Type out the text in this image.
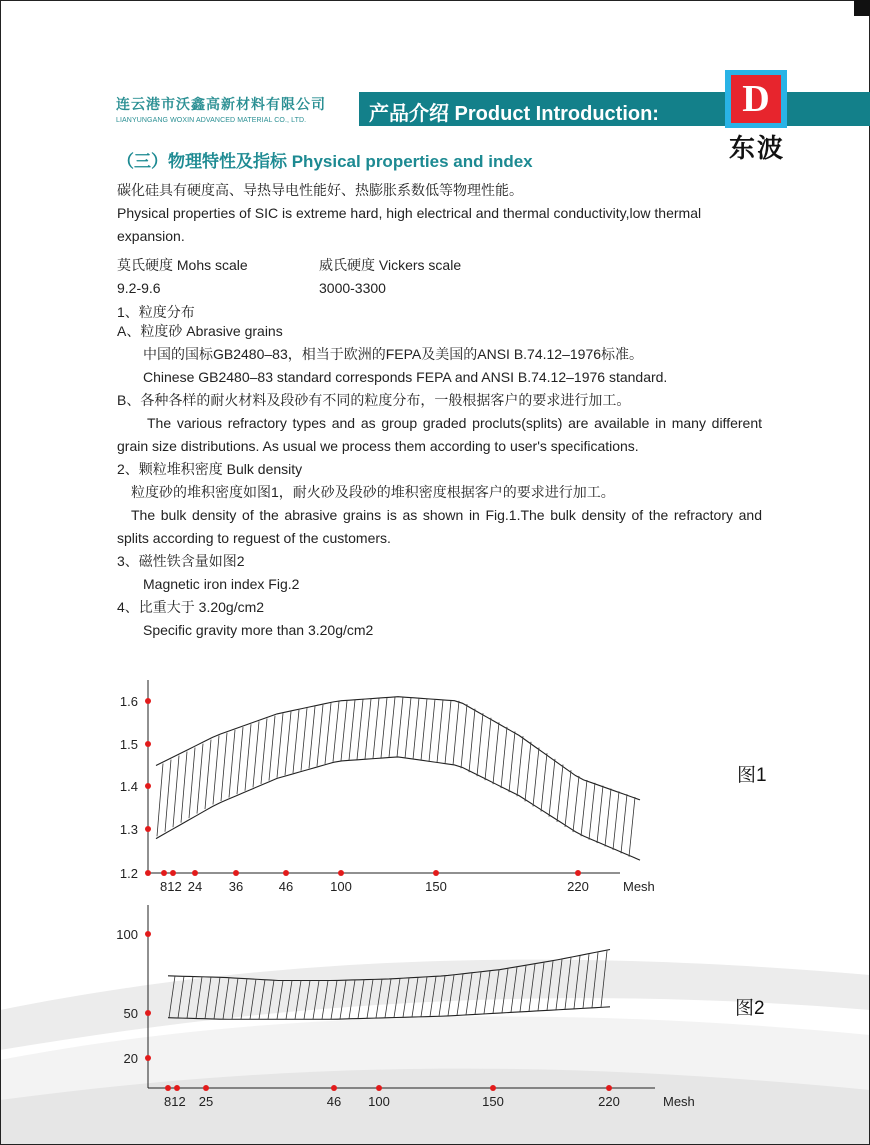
连云港市沃鑫高新材料有限公司
LIANYUNGANG WOXIN ADVANCED MATERIAL CO., LTD.	产品介绍 Product Introduction: D
东波
（三）物理特性及指标 Physical properties and index

碳化硅具有硬度高、导热导电性能好、热膨胀系数低等物理性能。

Physical properties of SIC is extreme hard, high electrical and thermal conductivity,low thermal expansion.

莫氏硬度 Mohs scale	威氏硬度 Vickers scale
9.2-9.6	3000-3300

1、粒度分布

A、粒度砂 Abrasive grains

中国的国标GB2480–83，相当于欧洲的FEPA及美国的ANSI B.74.12–1976标准。

Chinese GB2480–83 standard corresponds FEPA and ANSI B.74.12–1976 standard.

B、各种各样的耐火材料及段砂有不同的粒度分布，一般根据客户的要求进行加工。

The various refractory types and as group graded procluts(splits) are available in many different grain size distributions. As usual we process them according to user's specifications.

2、颗粒堆积密度 Bulk density

粒度砂的堆积密度如图1，耐火砂及段砂的堆积密度根据客户的要求进行加工。

The bulk density of the abrasive grains is as shown in Fig.1.The bulk density of the refractory and splits according to reguest of the customers.

3、磁性铁含量如图2

Magnetic iron index Fig.2

4、比重大于 3.20g/cm2

Specific gravity more than 3.20g/cm2

1.2
1.3
1.4
1.5
1.6
812 24 36	46	100	150	220	Mesh
图1
20
50
100
812 25	46 100	150	220	Mesh
图2
